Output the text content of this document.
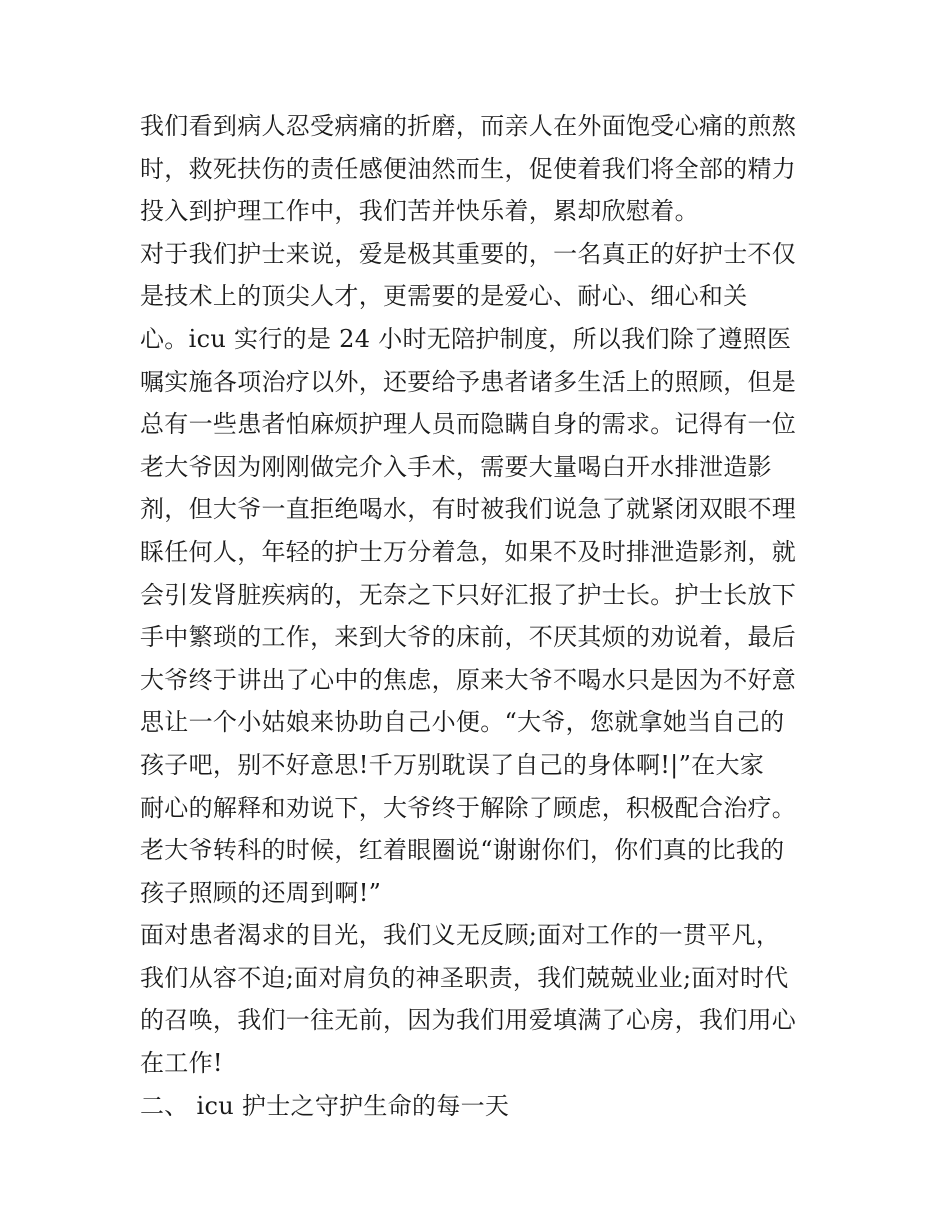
我们看到病人忍受病痛的折磨，而亲人在外面饱受心痛的煎熬
时，救死扶伤的责任感便油然而生，促使着我们将全部的精力
投入到护理工作中，我们苦并快乐着，累却欣慰着。
对于我们护士来说，爱是极其重要的，一名真正的好护士不仅
是技术上的顶尖人才，更需要的是爱心、耐心、细心和关
心。icu 实行的是 24 小时无陪护制度，所以我们除了遵照医
嘱实施各项治疗以外，还要给予患者诸多生活上的照顾，但是
总有一些患者怕麻烦护理人员而隐瞒自身的需求。记得有一位
老大爷因为刚刚做完介入手术，需要大量喝白开水排泄造影
剂，但大爷一直拒绝喝水，有时被我们说急了就紧闭双眼不理
睬任何人，年轻的护士万分着急，如果不及时排泄造影剂，就
会引发肾脏疾病的，无奈之下只好汇报了护士长。护士长放下
手中繁琐的工作，来到大爷的床前，不厌其烦的劝说着，最后
大爷终于讲出了心中的焦虑，原来大爷不喝水只是因为不好意
思让一个小姑娘来协助自己小便。“大爷，您就拿她当自己的
孩子吧，别不好意思!千万别耽误了自己的身体啊!|”在大家
耐心的解释和劝说下，大爷终于解除了顾虑，积极配合治疗。
老大爷转科的时候，红着眼圈说“谢谢你们，你们真的比我的
孩子照顾的还周到啊!”
面对患者渴求的目光，我们义无反顾;面对工作的一贯平凡，
我们从容不迫;面对肩负的神圣职责，我们兢兢业业;面对时代
的召唤，我们一往无前，因为我们用爱填满了心房，我们用心
在工作!
二、 icu 护士之守护生命的每一天
